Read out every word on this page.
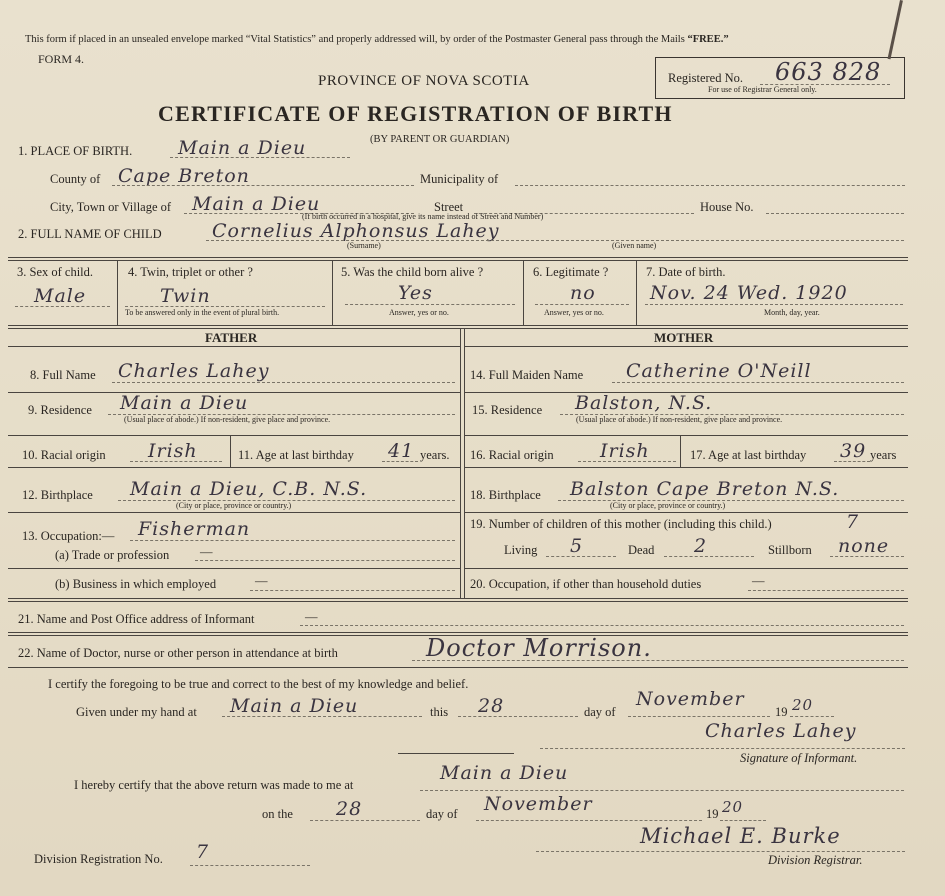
This form if placed in an unsealed envelope marked “Vital Statistics” and properly addressed will, by order of the Postmaster General pass through the Mails “FREE.”
FORM 4.
PROVINCE OF NOVA SCOTIA
CERTIFICATE OF REGISTRATION OF BIRTH
(BY PARENT OR GUARDIAN)
Registered No. 663 828
For use of Registrar General only.
1. PLACE OF BIRTH. Main a Dieu
County of Cape Breton	Municipality of
City, Town or Village of Main a Dieu	Street	House No.
(If birth occurred in a hospital, give its name instead of Street and Number)
2. FULL NAME OF CHILD	Cornelius Alphonsus Lahey
(Surname)	(Given name)
3. Sex of child.
Male
4. Twin, triplet or other ?
Twin
To be answered only in the event of plural birth.
5. Was the child born alive ?
Yes
Answer, yes or no.
6. Legitimate ?
no
Answer, yes or no.
7. Date of birth.
Nov. 24 Wed. 1920
Month, day, year.
FATHER	MOTHER
8. Full Name Charles Lahey
9. Residence Main a Dieu
(Usual place of abode.) If non-resident, give place and province.
10. Racial origin Irish	11. Age at last birthday 41 years.
12. Birthplace Main a Dieu, C.B. N.S.
(City or place, province or country.)
13. Occupation:— Fisherman
(a) Trade or profession —
(b) Business in which employed	—
14. Full Maiden Name Catherine O'Neill
15. Residence Balston, N.S.
(Usual place of abode.) If non-resident, give place and province.
16. Racial origin Irish	17. Age at last birthday 39 years
18. Birthplace Balston Cape Breton N.S.
(City or place, province or country.)
19. Number of children of this mother (including this child.)	7
Living 5	Dead 2	Stillborn none
20. Occupation, if other than household duties	—
21. Name and Post Office address of Informant	—
22. Name of Doctor, nurse or other person in attendance at birth	Doctor Morrison.
I certify the foregoing to be true and correct to the best of my knowledge and belief.
Given under my hand at Main a Dieu	this 28	day of
November
19 20
Charles Lahey
Signature of Informant.
I hereby certify that the above return was made to me at
Main a Dieu
on the 28	day of November	19 20
Division Registration No. 7
Michael E. Burke
Division Registrar.
